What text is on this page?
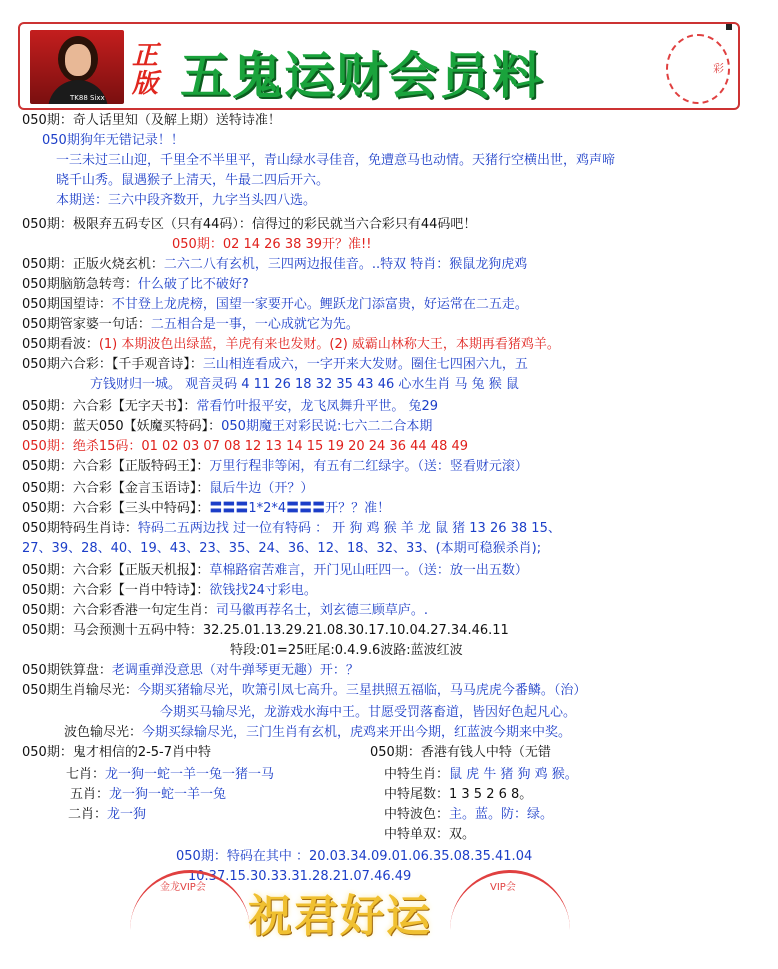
TK88 Sixx
正版 五鬼运财会员料	彩
050期：奇人话里知（及解上期）送特诗准！
050期狗年无错记录！！
一三未过三山迎，千里全不半里平，青山绿水寻佳音，免遭意马也动情。天猪行空横出世，鸡声啼
晓千山秀。鼠遇猴子上清天，牛最二四后开六。
本期送：三六中段齐数开，九字当头四八选。
050期：极限弃五码专区（只有44码）：信得过的彩民就当六合彩只有44码吧！
050期：02 14 26 38 39开？准!!
050期：正版火烧玄机：二六二八有玄机，三四两边报佳音。..特双 特肖：猴鼠龙狗虎鸡
050期脑筋急转弯：什么破了比不破好?
050期国望诗：不甘登上龙虎榜，国望一家要开心。鲤跃龙门添富贵，好运常在二五走。
050期管家婆一句话：二五相合是一事，一心成就它为先。
050期看波：(1) 本期波色出绿蓝，羊虎有来也发财。(2) 威霸山林称大王，本期再看猪鸡羊。
050期六合彩：【千手观音诗】：三山相连看成六，一字开来大发财。圈住七四困六九，五
方钱财归一城。 观音灵码 4 11 26 18 32 35 43 46 心水生肖 马 兔 猴 鼠
050期：六合彩【无字天书】：常看竹叶报平安，龙飞凤舞升平世。 兔29
050期：蓝天050【妖魔买特码】：050期魔王对彩民说:七六二二合本期
050期：绝杀15码：01 02 03 07 08 12 13 14 15 19 20 24 36 44 48 49
050期：六合彩【正版特码王】：万里行程非等闲，有五有二红绿字。（送：竖看财元滚）
050期：六合彩【金言玉语诗】：鼠后牛边（开？）
050期：六合彩【三头中特码】：〓〓〓1*2*4〓〓〓开？？准！
050期特码生肖诗：特码二五两边找 过一位有特码 ： 开 狗 鸡 猴 羊 龙 鼠 猪 13 26 38 15、
27、39、28、40、19、43、23、35、24、36、12、18、32、33、(本期可稳猴杀肖);
050期：六合彩【正版天机报】：草棉路宿苦难言，开门见山旺四一。（送：放一出五数）
050期：六合彩【一肖中特诗】：欲钱找24寸彩电。
050期：六合彩香港一句定生肖：司马徽再荐名士，刘玄德三顾草庐。.
050期：马会预测十五码中特：32.25.01.13.29.21.08.30.17.10.04.27.34.46.11
特段:01=25旺尾:0.4.9.6波路:蓝波红波
050期铁算盘：老调重弹没意思（对牛弹琴更无趣）开：？
050期生肖输尽光：今期买猪输尽光，吹箫引凤七高升。三星拱照五福临，马马虎虎今番鳞。（治）
今期买马输尽光，龙游戏水海中王。甘愿受罚落畜道，皆因好色起凡心。
波色输尽光：今期买绿输尽光，三门生肖有玄机，虎鸡来开出今期，红蓝波今期来中奖。
050期：鬼才相信的2-5-7肖中特	050期：香港有钱人中特（无错
七肖：龙一狗一蛇一羊一兔一猪一马	中特生肖：鼠 虎 牛 猪 狗 鸡 猴。
五肖：龙一狗一蛇一羊一兔	中特尾数：1 3 5 2 6 8。
二肖：龙一狗	中特波色：主。蓝。防：绿。
中特单双：双。
050期：特码在其中 ：20.03.34.09.01.06.35.08.35.41.04
10.37.15.30.33.31.28.21.07.46.49
金龙VIP会	VIP会
祝君好运
